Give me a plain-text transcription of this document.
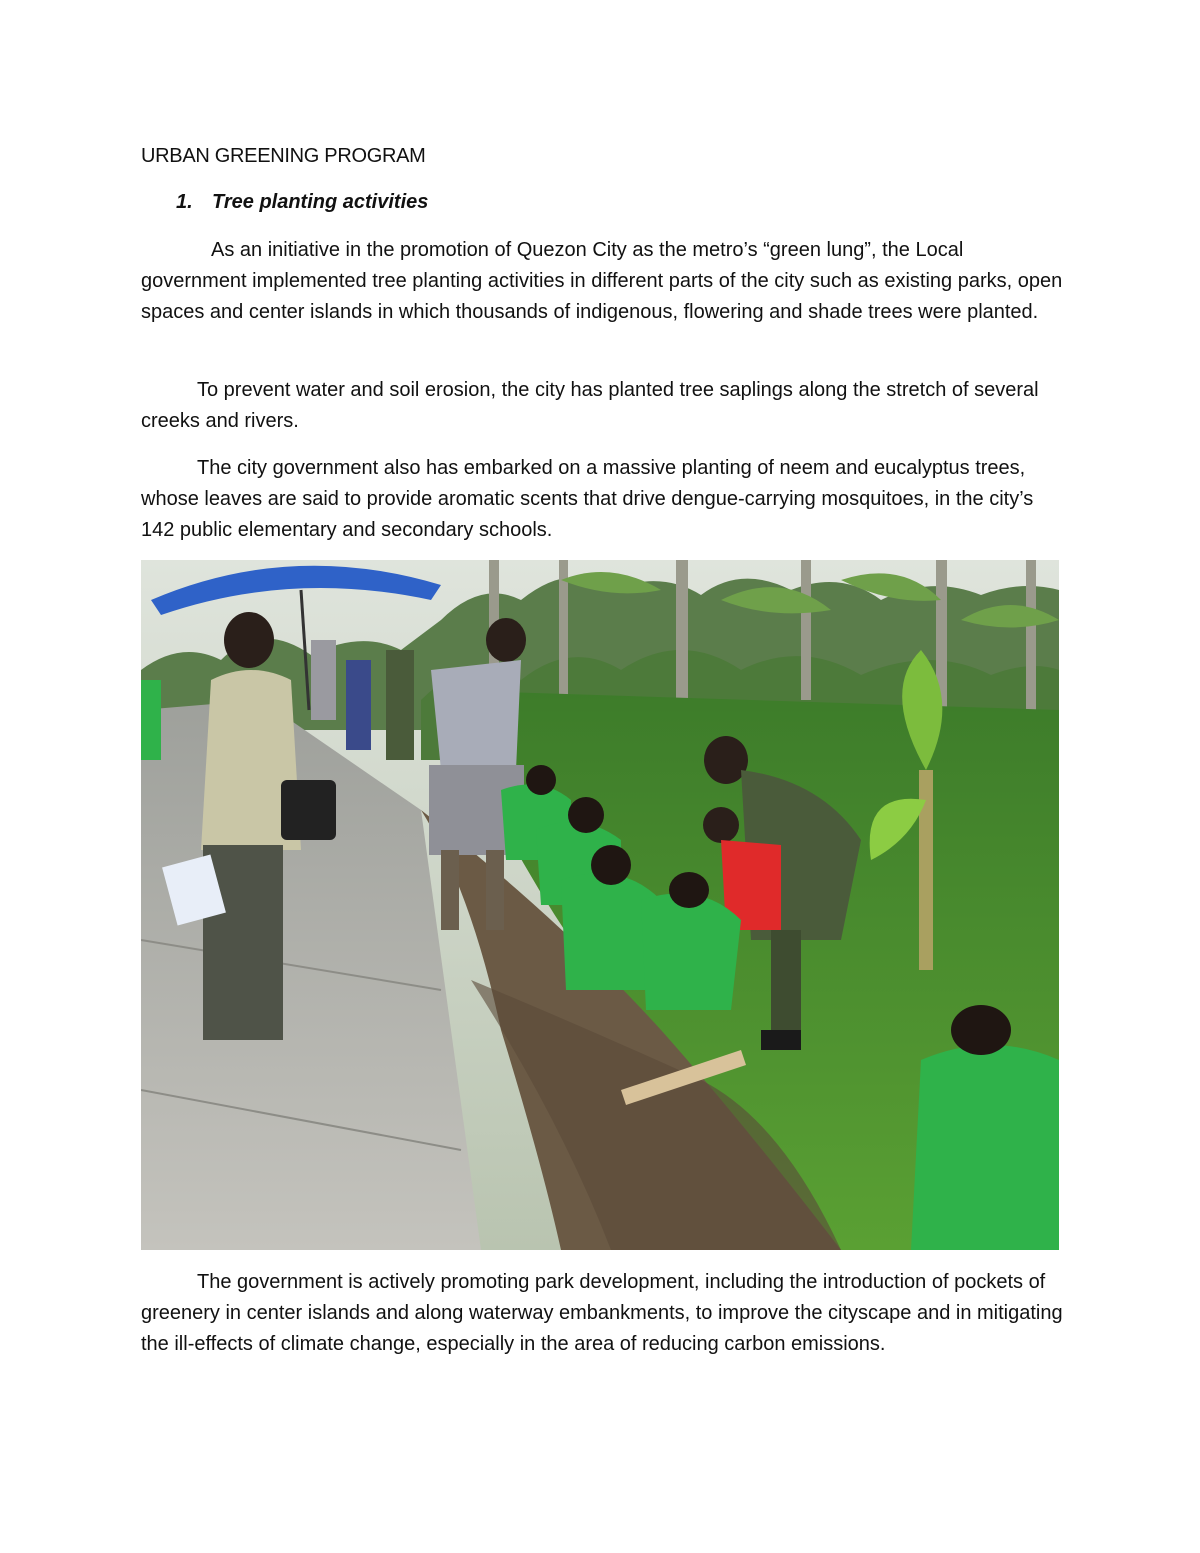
URBAN GREENING PROGRAM
1. Tree planting activities

As an initiative in the promotion of Quezon City as the metro’s “green lung”, the Local government implemented tree planting activities in different parts of the city such as existing parks, open spaces and center islands in which thousands of indigenous, flowering and shade trees were planted.

To prevent water and soil erosion, the city has planted tree saplings along the stretch of several creeks and rivers.

The city government also has embarked on a massive planting of neem and eucalyptus trees, whose leaves are said to provide aromatic scents that drive dengue-carrying mosquitoes, in the city’s 142 public elementary and secondary schools.

The government is actively promoting park development, including the introduction of pockets of greenery in center islands and along waterway embankments, to improve the cityscape and in mitigating the ill-effects of climate change, especially in the area of reducing carbon emissions.
